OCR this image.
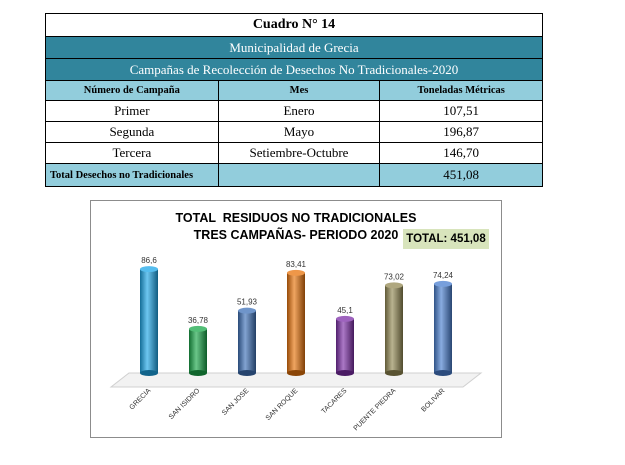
Cuadro N° 14		
Municipalidad de Grecia		
Campañas de Recolección de Desechos No Tradicionales-2020		
Número de Campaña	Mes	Toneladas Métricas
Primer	Enero	107,51
Segunda	Mayo	196,87
Tercera	Setiembre-Octubre	146,70
Total Desechos no Tradicionales		451,08
TOTAL  RESIDUOS NO TRADICIONALES
TRES CAMPAÑAS- PERIODO 2020 TOTAL: 451,08
86,6
GRECIA
36,78
SAN ISIDRO
51,93
SAN JOSE
83,41
SAN ROQUE
45,1
TACARES
73,02
PUENTE PIEDRA
74,24
BOLIVAR
